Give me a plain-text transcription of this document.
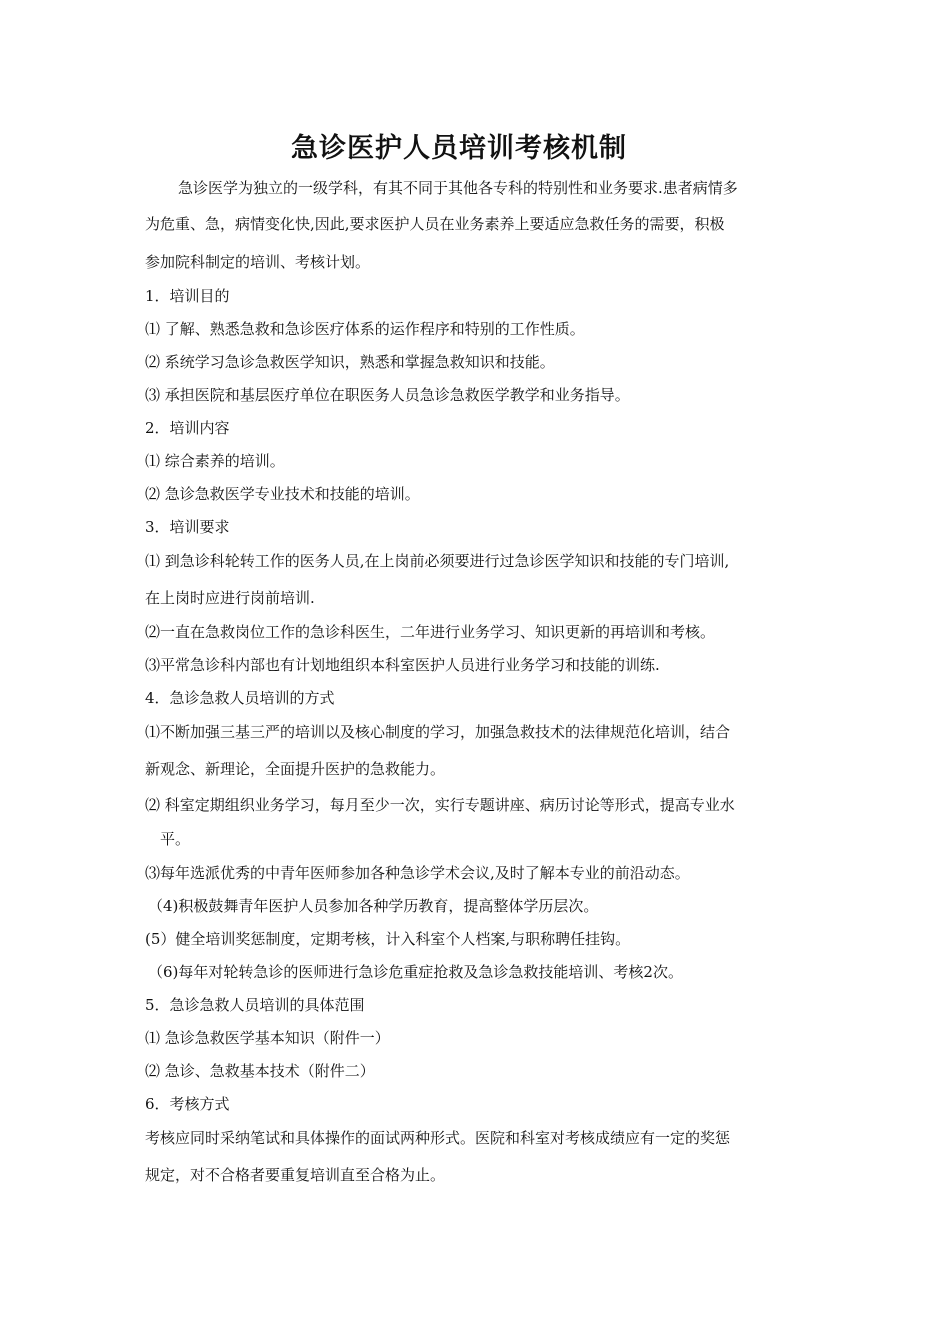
急诊医护人员培训考核机制

急诊医学为独立的一级学科，有其不同于其他各专科的特别性和业务要求.患者病情多

为危重、急，病情变化快,因此,要求医护人员在业务素养上要适应急救任务的需要，积极

参加院科制定的培训、考核计划。

1．培训目的

⑴ 了解、熟悉急救和急诊医疗体系的运作程序和特别的工作性质。

⑵ 系统学习急诊急救医学知识，熟悉和掌握急救知识和技能。

⑶ 承担医院和基层医疗单位在职医务人员急诊急救医学教学和业务指导。

2．培训内容

⑴ 综合素养的培训。

⑵ 急诊急救医学专业技术和技能的培训。

3．培训要求

⑴ 到急诊科轮转工作的医务人员,在上岗前必须要进行过急诊医学知识和技能的专门培训,

在上岗时应进行岗前培训.

⑵一直在急救岗位工作的急诊科医生，二年进行业务学习、知识更新的再培训和考核。

⑶平常急诊科内部也有计划地组织本科室医护人员进行业务学习和技能的训练.

4．急诊急救人员培训的方式

⑴不断加强三基三严的培训以及核心制度的学习，加强急救技术的法律规范化培训，结合

新观念、新理论，全面提升医护的急救能力。

⑵ 科室定期组织业务学习，每月至少一次，实行专题讲座、病历讨论等形式，提高专业水

平。

⑶每年选派优秀的中青年医师参加各种急诊学术会议,及时了解本专业的前沿动态。

（4)积极鼓舞青年医护人员参加各种学历教育，提高整体学历层次。

(5）健全培训奖惩制度，定期考核，计入科室个人档案,与职称聘任挂钩。

（6)每年对轮转急诊的医师进行急诊危重症抢救及急诊急救技能培训、考核2次。

5．急诊急救人员培训的具体范围

⑴ 急诊急救医学基本知识（附件一）

⑵ 急诊、急救基本技术（附件二）

6．考核方式

考核应同时采纳笔试和具体操作的面试两种形式。医院和科室对考核成绩应有一定的奖惩

规定，对不合格者要重复培训直至合格为止。
